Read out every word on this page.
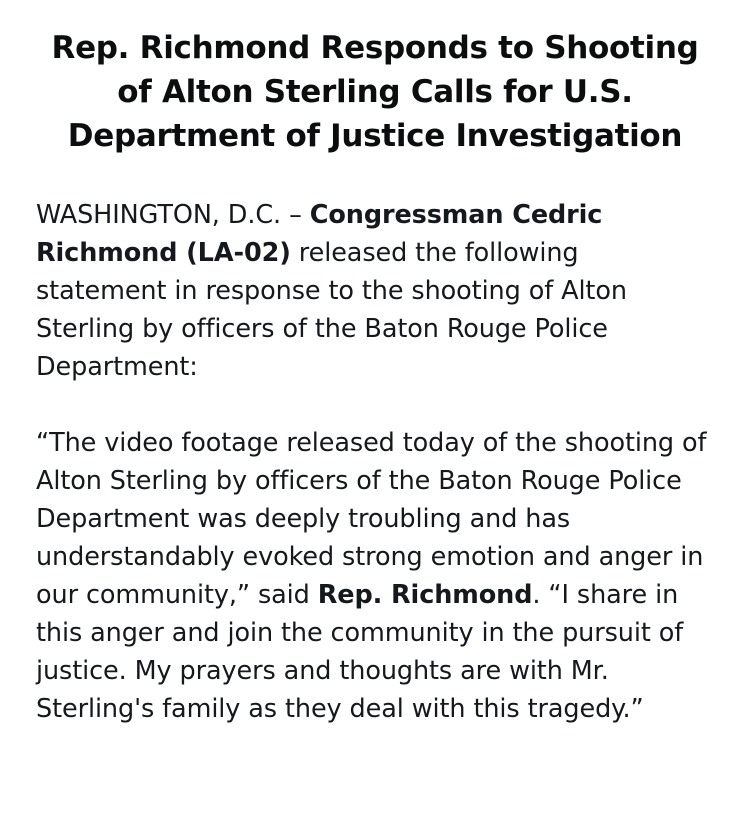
Rep. Richmond Responds to Shooting of Alton Sterling Calls for U.S. Department of Justice Investigation

WASHINGTON, D.C. – Congressman Cedric Richmond (LA-02) released the following statement in response to the shooting of Alton Sterling by officers of the Baton Rouge Police Department:

“The video footage released today of the shooting of Alton Sterling by officers of the Baton Rouge Police Department was deeply troubling and has understandably evoked strong emotion and anger in our community,” said Rep. Richmond. “I share in this anger and join the community in the pursuit of justice. My prayers and thoughts are with Mr. Sterling's family as they deal with this tragedy.”
